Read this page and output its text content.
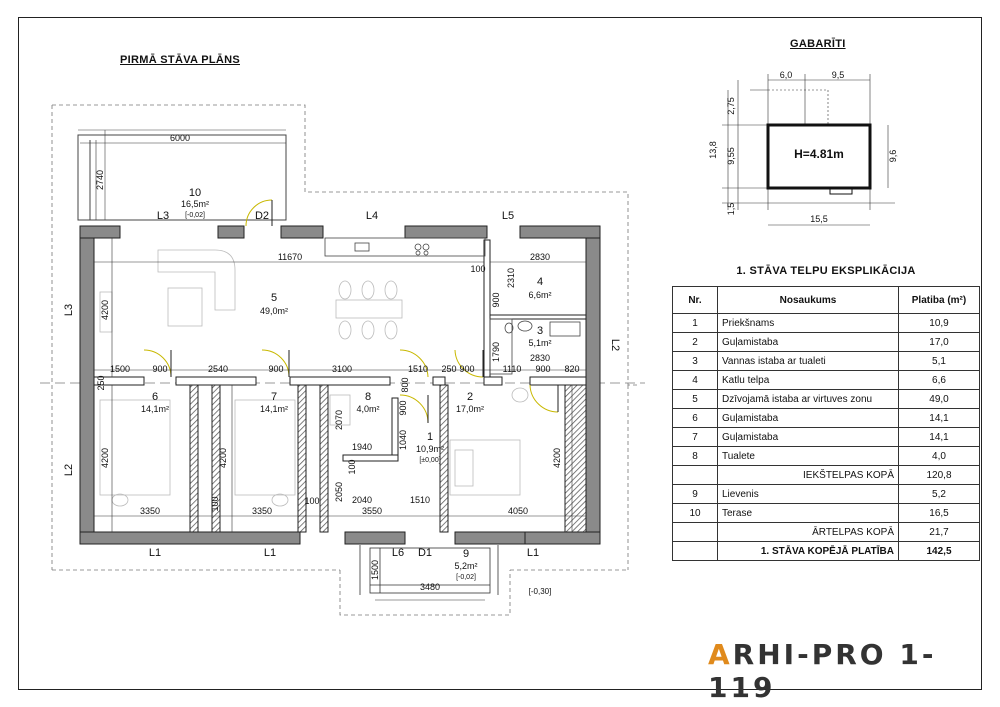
PIRMĀ STĀVA PLĀNS
GABARĪTI
6000
2740
11670	2830
4200
100 2310
900
1790	2830
1110 900 820
900
1500 900	2540	900	3100	1510 250
250
4200	4200	4200
3350	3350
100	100	2040
3550
1510
4050
2070
1940	1040
900
800
100
2050
1500
3480	[-0,30]
L3	D2	L4	L5
L3
L2
L2
L1	L1	L6 D1	L1
10
16,5m²
[-0,02]
5
49,0m²
4
6,6m²
3
5,1m²
6
14,1m²
7
14,1m²
8
4,0m²
1
10,9m²
[±0,00]
2
17,0m²
9
5,2m²
[-0,02]
H=4.81m
6,0	9,5
2,75
9,55
1,5
13,8	9,6
15,5
1. STĀVA TELPU EKSPLIKĀCIJA
Nr.	Nosaukums	Platiba (m²)
1	Priekšnams	10,9
2	Guļamistaba	17,0
3	Vannas istaba ar tualeti	5,1
4	Katlu telpa	6,6
5	Dzīvojamā istaba ar virtuves zonu	49,0
6	Guļamistaba	14,1
7	Guļamistaba	14,1
8	Tualete	4,0
	IEKŠTELPAS KOPĀ	120,8
9	Lievenis	5,2
10	Terase	16,5
	ĀRTELPAS KOPĀ	21,7
	1. STĀVA KOPĒJĀ PLATĪBA	142,5
ARHI-PRO 1-119
